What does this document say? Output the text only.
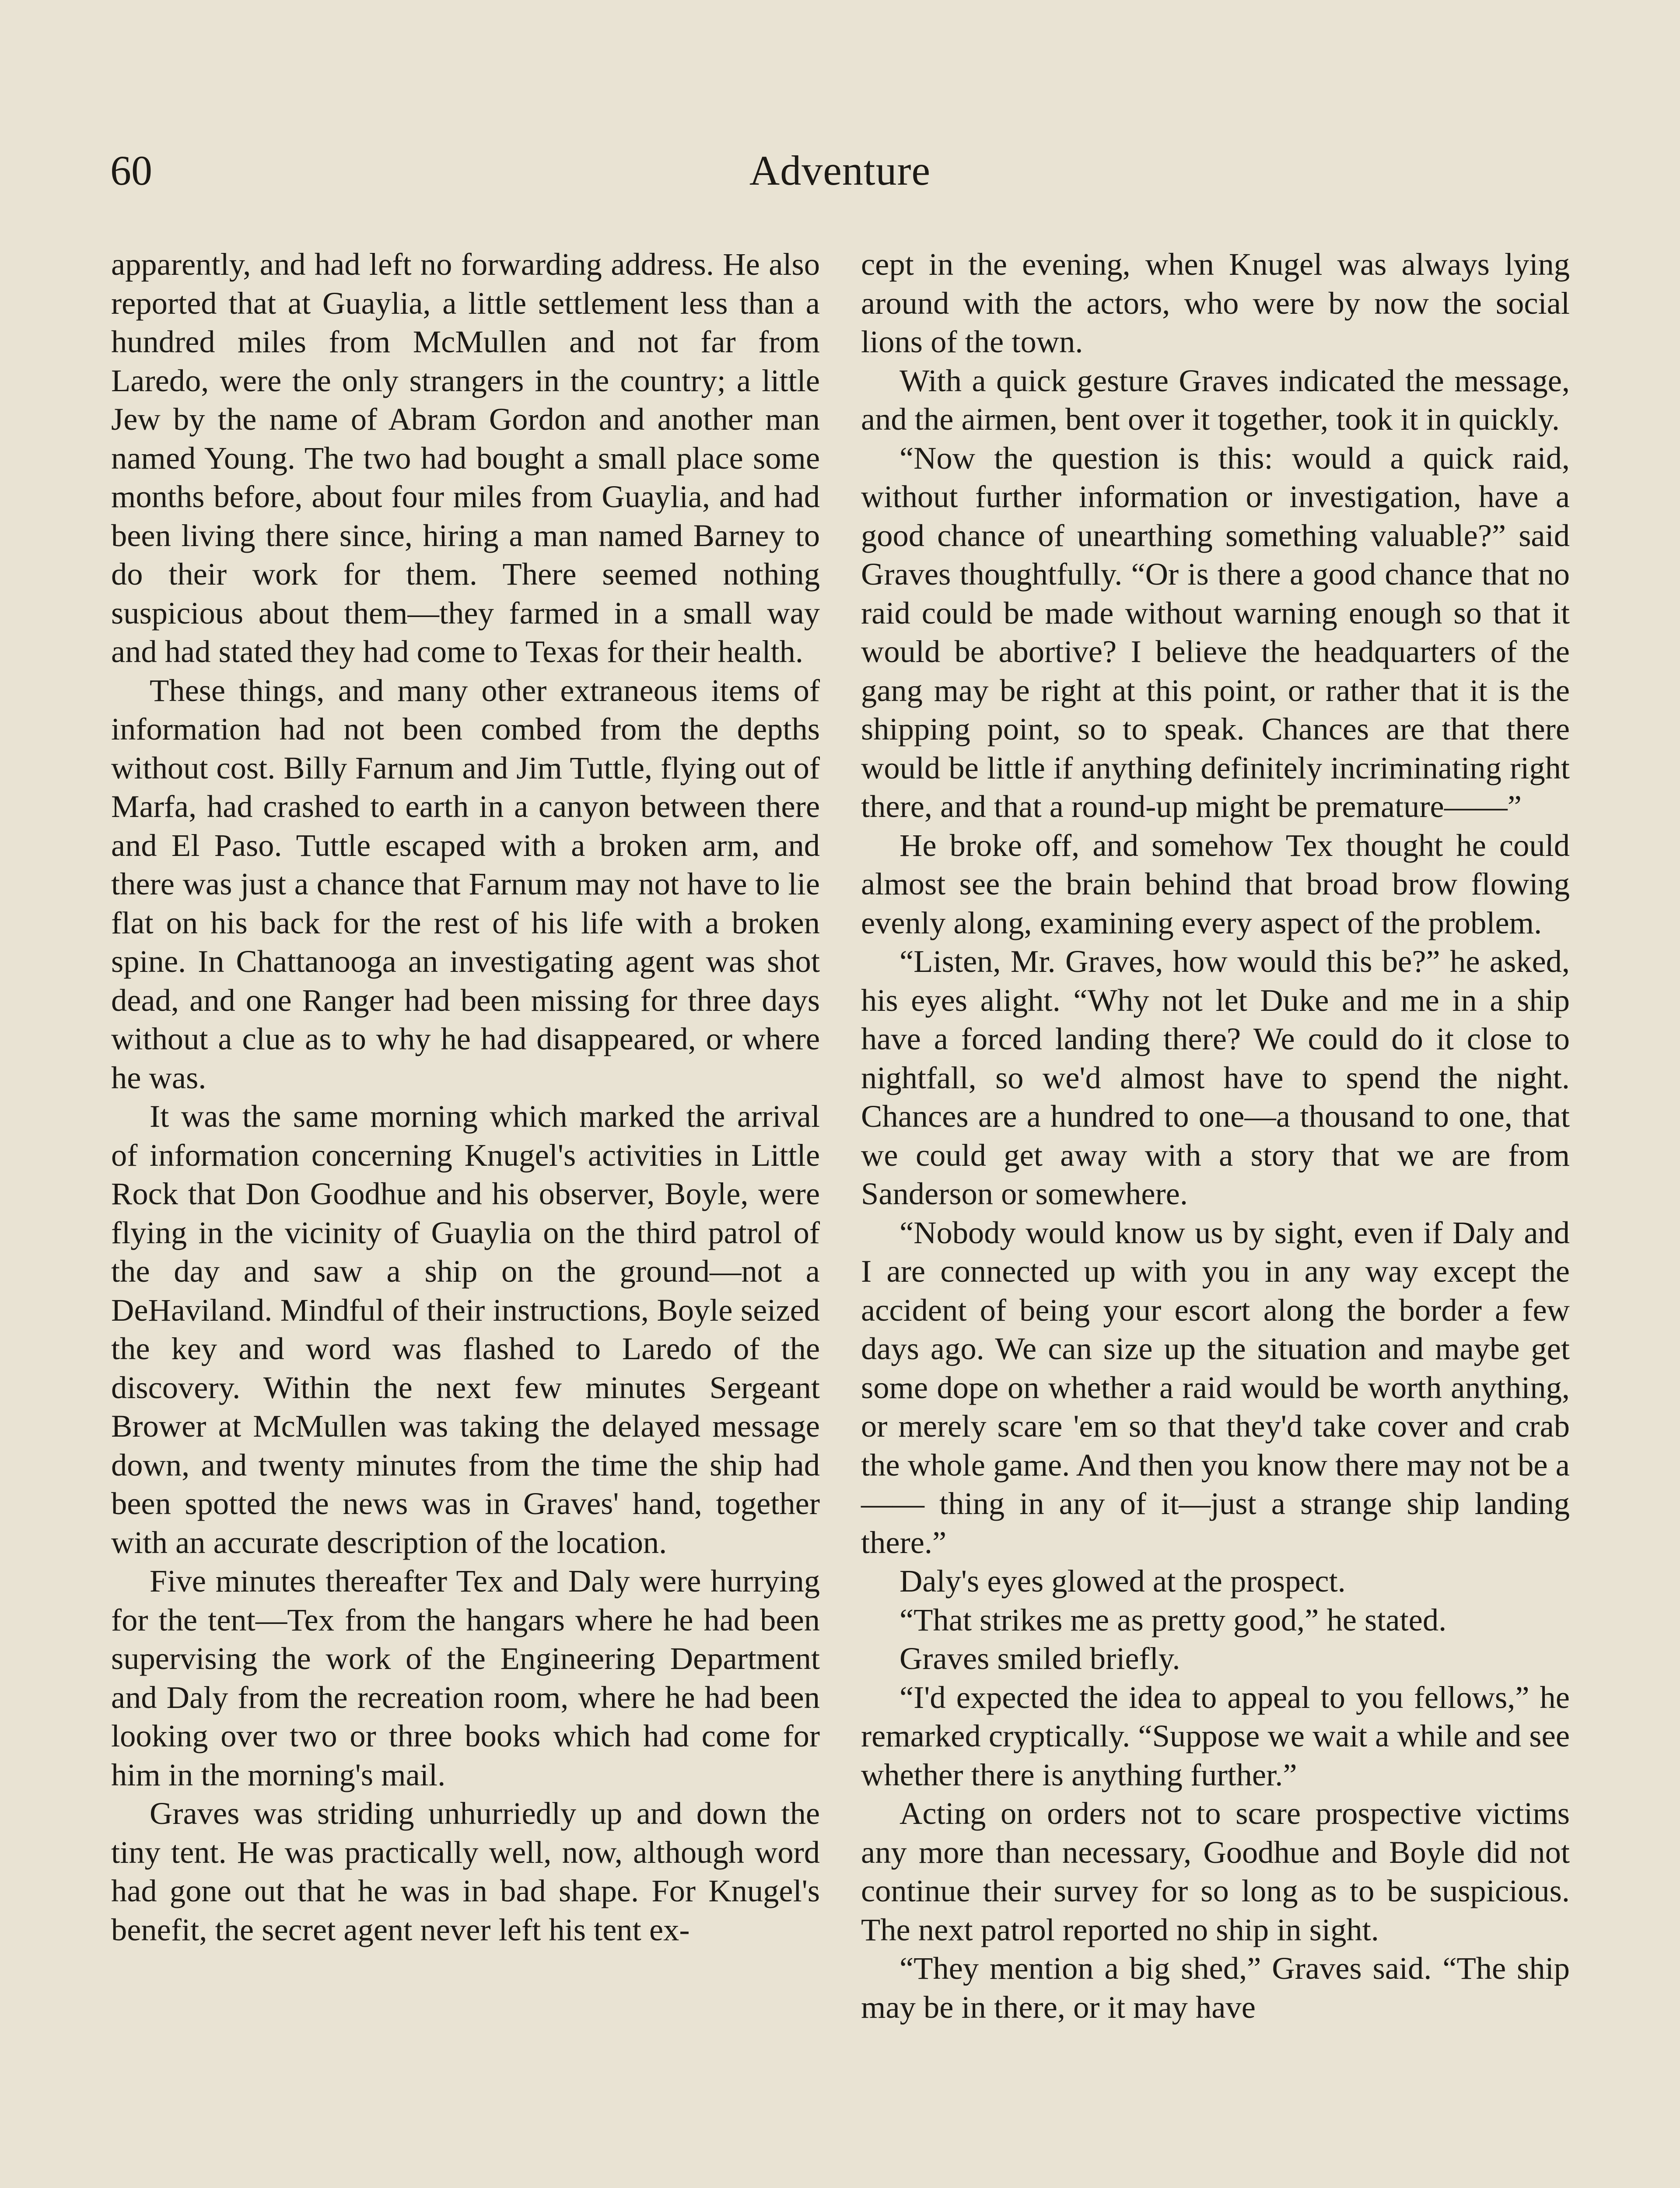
60	Adventure

apparently, and had left no forwarding address. He also reported that at Guaylia, a little settlement less than a hundred miles from McMullen and not far from Laredo, were the only strangers in the country; a little Jew by the name of Abram Gordon and another man named Young. The two had bought a small place some months before, about four miles from Guaylia, and had been living there since, hiring a man named Barney to do their work for them. There seemed nothing suspicious about them—they farmed in a small way and had stated they had come to Texas for their health.

These things, and many other extraneous items of information had not been combed from the depths without cost. Billy Farnum and Jim Tuttle, flying out of Marfa, had crashed to earth in a canyon between there and El Paso. Tuttle escaped with a broken arm, and there was just a chance that Farnum may not have to lie flat on his back for the rest of his life with a broken spine. In Chattanooga an investigating agent was shot dead, and one Ranger had been missing for three days without a clue as to why he had disappeared, or where he was.

It was the same morning which marked the arrival of information concerning Knugel's activities in Little Rock that Don Goodhue and his observer, Boyle, were flying in the vicinity of Guaylia on the third patrol of the day and saw a ship on the ground—not a DeHaviland. Mindful of their instructions, Boyle seized the key and word was flashed to Laredo of the discovery. Within the next few minutes Sergeant Brower at McMullen was taking the delayed message down, and twenty minutes from the time the ship had been spotted the news was in Graves' hand, together with an accurate description of the location.

Five minutes thereafter Tex and Daly were hurrying for the tent—Tex from the hangars where he had been supervising the work of the Engineering Department and Daly from the recreation room, where he had been looking over two or three books which had come for him in the morning's mail.

Graves was striding unhurriedly up and down the tiny tent. He was practically well, now, although word had gone out that he was in bad shape. For Knugel's benefit, the secret agent never left his tent ex-

cept in the evening, when Knugel was always lying around with the actors, who were by now the social lions of the town.

With a quick gesture Graves indicated the message, and the airmen, bent over it together, took it in quickly.

“Now the question is this: would a quick raid, without further information or investigation, have a good chance of unearthing something valuable?” said Graves thoughtfully. “Or is there a good chance that no raid could be made without warning enough so that it would be abortive? I believe the headquarters of the gang may be right at this point, or rather that it is the shipping point, so to speak. Chances are that there would be little if anything definitely incriminating right there, and that a round-up might be premature——”

He broke off, and somehow Tex thought he could almost see the brain behind that broad brow flowing evenly along, examining every aspect of the problem.

“Listen, Mr. Graves, how would this be?” he asked, his eyes alight. “Why not let Duke and me in a ship have a forced landing there? We could do it close to nightfall, so we'd almost have to spend the night. Chances are a hundred to one—a thousand to one, that we could get away with a story that we are from Sanderson or somewhere.

“Nobody would know us by sight, even if Daly and I are connected up with you in any way except the accident of being your escort along the border a few days ago. We can size up the situation and maybe get some dope on whether a raid would be worth anything, or merely scare 'em so that they'd take cover and crab the whole game. And then you know there may not be a —— thing in any of it—just a strange ship landing there.”

Daly's eyes glowed at the prospect.

“That strikes me as pretty good,” he stated.

Graves smiled briefly.

“I'd expected the idea to appeal to you fellows,” he remarked cryptically. “Suppose we wait a while and see whether there is anything further.”

Acting on orders not to scare prospective victims any more than necessary, Goodhue and Boyle did not continue their survey for so long as to be suspicious. The next patrol reported no ship in sight.

“They mention a big shed,” Graves said. “The ship may be in there, or it may have
